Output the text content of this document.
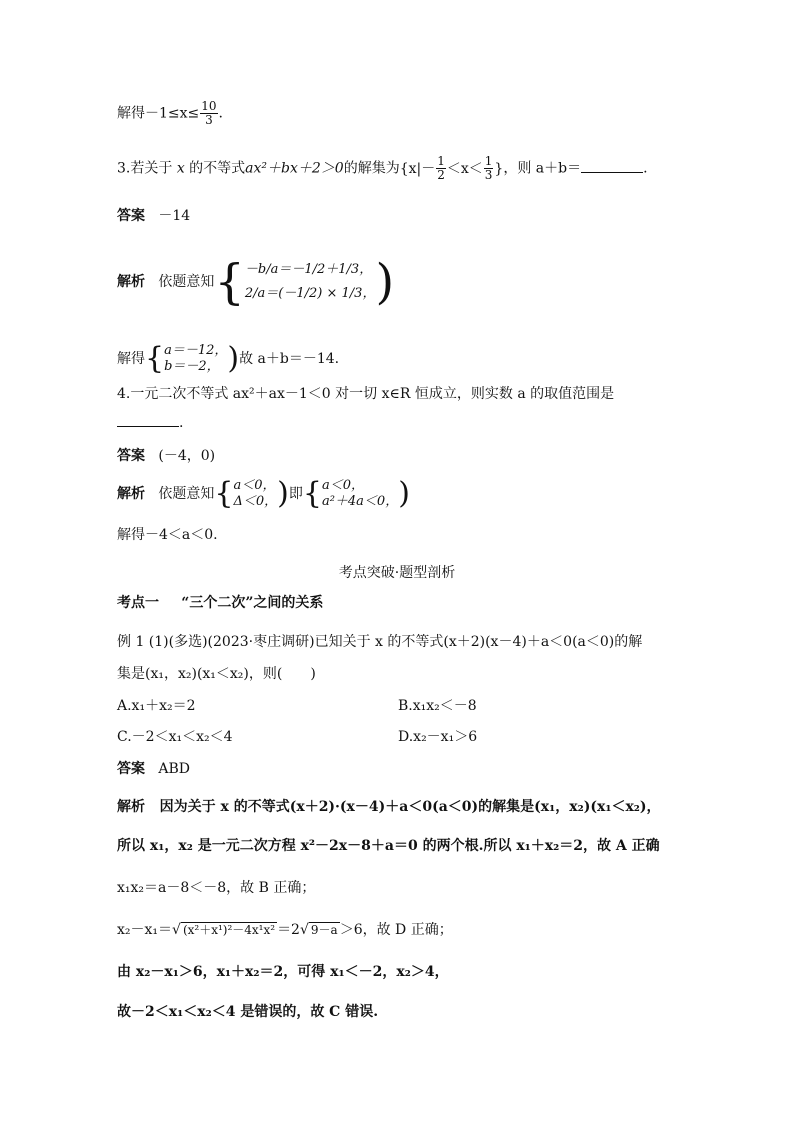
解得$-1\le x\le \frac{10}{3}$ .
3.若关于 x 的不等式ax²＋bx＋2＞0的解集为{$x|- \frac{1}{2} <x< \frac{1}{3}$ }，则 a＋b＝	.
答案 －14
解析 依题意知{ －b/a＝－1/2＋1/3，
2/a＝(－1/2) × 1/3， )
解得{ a＝－12，
b＝－2， )故 a＋b＝－14.
4.一元二次不等式 ax²＋ax－1＜0 对一切 x∈R 恒成立，则实数 a 的取值范围是
.
答案 (－4，0)
解析 依题意知{ a＜0，
Δ＜0， )即{ a＜0，
a²＋4a＜0， )
解得－4＜a＜0.
考点突破·题型剖析
考点一 “三个二次”之间的关系
例 1 (1)(多选)(2023·枣庄调研)已知关于 x 的不等式(x＋2)(x－4)＋a＜0(a＜0)的解
集是(x₁，x₂)(x₁＜x₂)，则(　　)
A.x₁＋x₂＝2	B.x₁x₂＜－8
C.－2＜x₁＜x₂＜4	D.x₂－x₁＞6
答案 ABD
解析 因为关于 x 的不等式(x＋2)·(x－4)＋a＜0(a＜0)的解集是(x₁，x₂)(x₁＜x₂)，
所以 x₁，x₂ 是一元二次方程 x²－2x－8＋a＝0 的两个根.所以 x₁＋x₂＝2，故 A 正确
x₁x₂＝a－8＜－8，故 B 正确；
x₂－x₁＝√ (x²＋x¹)²－4x¹x² ＝2√ 9－a ＞6，故 D 正确；
由 x₂－x₁＞6，x₁＋x₂＝2，可得 x₁＜－2，x₂＞4，
故－2＜x₁＜x₂＜4 是错误的，故 C 错误.
